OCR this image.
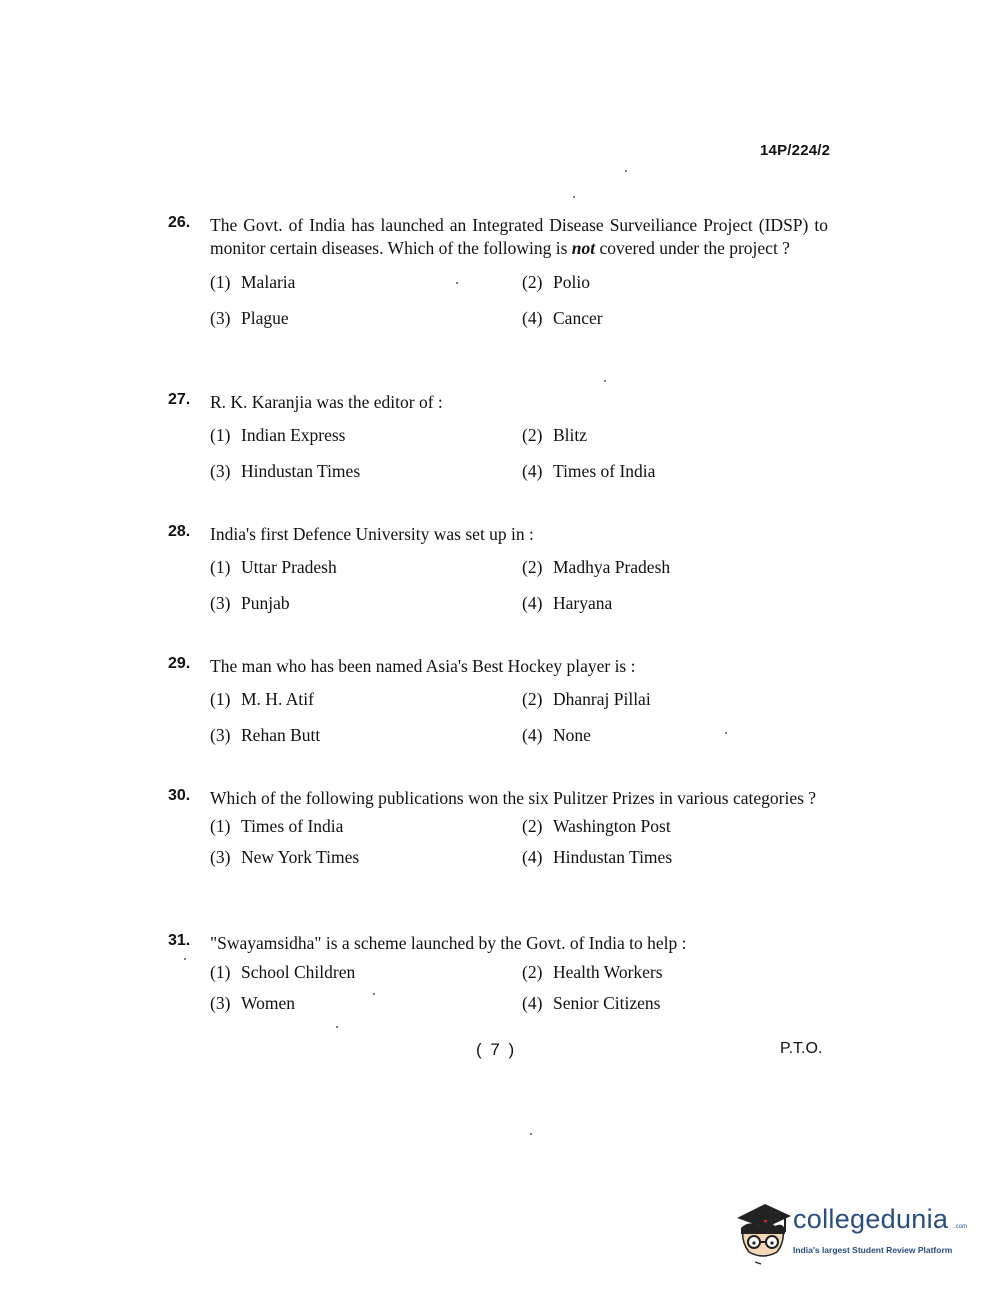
14P/224/2
26. The Govt. of India has launched an Integrated Disease Surveiliance Project (IDSP) to monitor certain diseases. Which of the following is not covered under the project ?
(1) Malaria	(2) Polio
(3) Plague	(4) Cancer
27. R. K. Karanjia was the editor of :
(1) Indian Express	(2) Blitz
(3) Hindustan Times	(4) Times of India
28. India's first Defence University was set up in :
(1) Uttar Pradesh	(2) Madhya Pradesh
(3) Punjab	(4) Haryana
29. The man who has been named Asia's Best Hockey player is :
(1) M. H. Atif	(2) Dhanraj Pillai
(3) Rehan Butt	(4) None
30. Which of the following publications won the six Pulitzer Prizes in various categories ?
(1) Times of India	(2) Washington Post
(3) New York Times	(4) Hindustan Times
31. "Swayamsidha" is a scheme launched by the Govt. of India to help :
(1) School Children	(2) Health Workers
(3) Women	(4) Senior Citizens
( 7 )	P.T.O.
collegedunia .com
India's largest Student Review Platform
